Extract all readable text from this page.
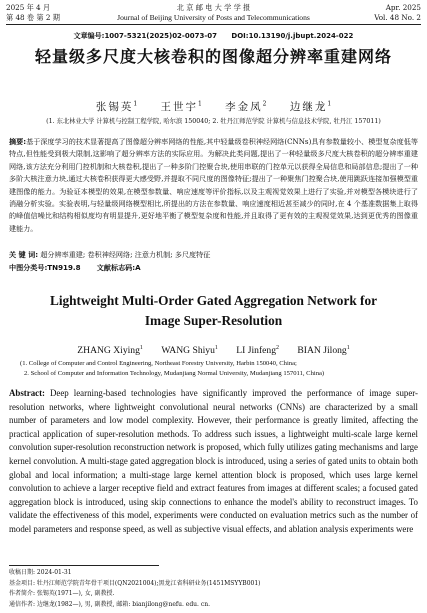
2025 年 4 月	北 京 邮 电 大 学 学 报	Apr. 2025
第 48 卷 第 2 期	Journal of Beijing University of Posts and Telecommunications	Vol. 48 No. 2
文章编号:1007-5321(2025)02-0073-07 DOI:10.13190/j.jbupt.2024-022
轻量级多尺度大核卷积的图像超分辨率重建网络
张锡英$^1$ 王世宇$^1$ 李金凤$^2$ 边继龙$^1$
(1. 东北林业大学 计算机与控制工程学院, 哈尔滨 150040; 2. 牡丹江师范学院 计算机与信息技术学院, 牡丹江 157011)
摘要:基于深度学习的技术显著提高了图像超分辨率网络的性能,其中轻量级卷积神经网络(CNNs)具有参数量较小、模型复杂度低等特点,但性能受到极大限制,这影响了超分辨率方法的实际应用。为解决此类问题,提出了一种轻量级多尺度大核卷积的超分辨率重建网络,该方法充分利用门控机制和大核卷积,提出了一种多阶门控聚合块,使用串联的门控单元以获得全局信息和局部信息;提出了一种多阶大核注意力块,通过大核卷积获得更大感受野,并提取不同尺度的图像特征;提出了一种聚焦门控聚合块,使用跳跃连接加强模型重建图像的能力。为验证本模型的效果,在模型参数量、响应速度等评价指标,以及主观视觉效果上进行了实验,并对模型各模块进行了消融分析实验。实验表明,与轻量级网络模型相比,所提出的方法在参数量、响应速度相近甚至减少的同时,在 4 个基准数据集上取得的峰值信噪比和结构相似度均有明显提升,更好地平衡了模型复杂度和性能,并且取得了更有效的主观视觉效果,达到更优秀的图像重建能力。
关 键 词: 超分辨率重建; 卷积神经网络; 注意力机制; 多尺度特征
中图分类号:TN919.8 文献标志码:A
Lightweight Multi-Order Gated Aggregation Network for
Image Super-Resolution
ZHANG Xiying$^1$ WANG Shiyu$^1$ LI Jinfeng$^2$ BIAN Jilong$^1$
(1. College of Computer and Control Engineering, Northeast Forestry University, Harbin 150040, China;
2. School of Computer and Information Technology, Mudanjiang Normal University, Mudanjiang 157011, China)
Abstract: Deep learning-based technologies have significantly improved the performance of image super-resolution networks, where lightweight convolutional neural networks (CNNs) are characterized by a small number of parameters and low model complexity. However, their performance is greatly limited, affecting the practical application of super-resolution methods. To address such issues, a lightweight multi-scale large kernel convolution super-resolution reconstruction network is proposed, which fully utilizes gating mechanisms and large kernel convolution. A multi-stage gated aggregation block is introduced, using a series of gated units to obtain both global and local information; a multi-stage large kernel attention block is proposed, which uses large kernel convolution to achieve a larger receptive field and extract features from images at different scales; a focused gated aggregation block is introduced, using skip connections to enhance the model's ability to reconstruct images. To validate the effectiveness of this model, experiments were conducted on evaluation metrics such as the number of model parameters and response speed, as well as subjective visual effects, and ablation analysis experiments were
收稿日期: 2024-01-31
基金项目: 牡丹江师范学院青年骨干项目(QN2021004);黑龙江省科研业务(1451MSYYB001)
作者简介: 张锡英(1971—), 女, 副教授.
通信作者: 边继龙(1982—), 男, 副教授, 邮箱: bianjilong@nefu. edu. cn.
